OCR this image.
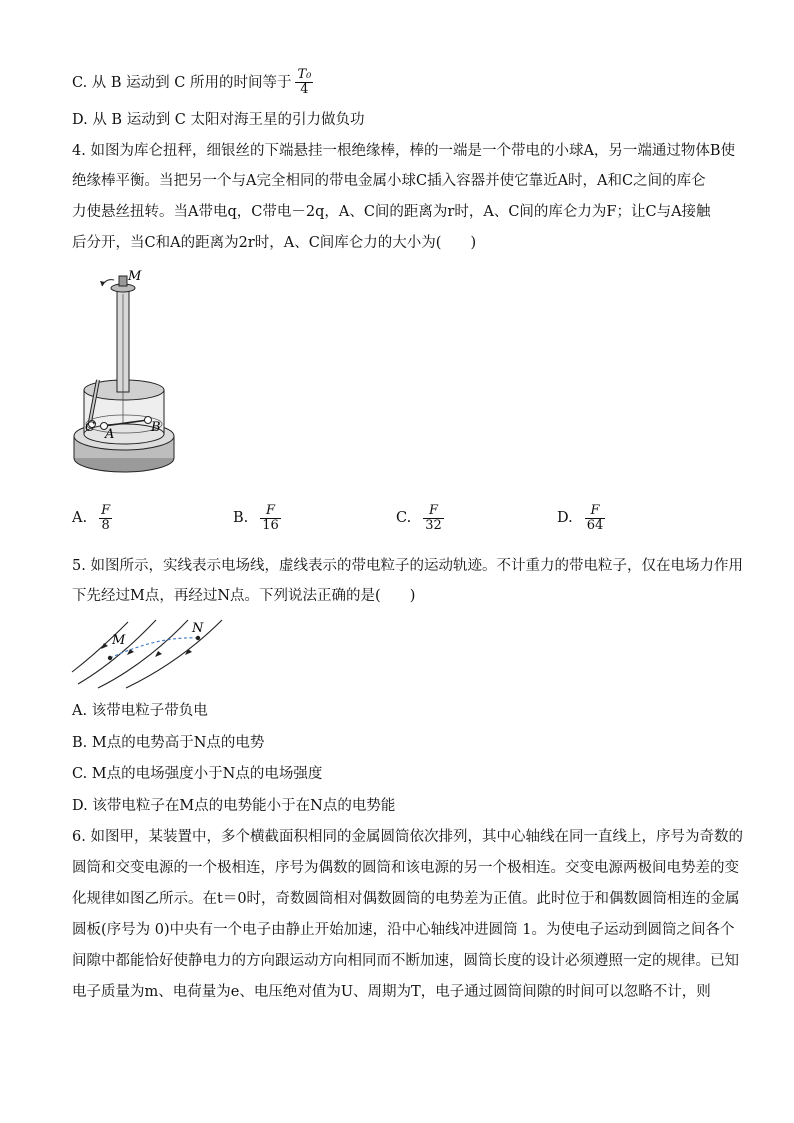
C. 从 B 运动到 C 所用的时间等于 $\frac{\text{T₀}}{4}$
D. 从 B 运动到 C 太阳对海王星的引力做负功
4. 如图为库仑扭秤，细银丝的下端悬挂一根绝缘棒，棒的一端是一个带电的小球A，另一端通过物体B使
绝缘棒平衡。当把另一个与A完全相同的带电金属小球C插入容器并使它靠近A时，A和C之间的库仑
力使悬丝扭转。当A带电q，C带电－2q，A、C间的距离为r时，A、C间的库仑力为F；让C与A接触
后分开，当C和A的距离为2r时，A、C间库仑力的大小为(　　)
M
C A	B
A. $\frac{F}{8}$	B. $\frac{F}{16}$	C. $\frac{F}{32}$	D. $\frac{F}{64}$
5. 如图所示，实线表示电场线，虚线表示的带电粒子的运动轨迹。不计重力的带电粒子，仅在电场力作用
下先经过M点，再经过N点。下列说法正确的是(　　)
M
N
A. 该带电粒子带负电
B. M点的电势高于N点的电势
C. M点的电场强度小于N点的电场强度
D. 该带电粒子在M点的电势能小于在N点的电势能
6. 如图甲，某装置中，多个横截面积相同的金属圆筒依次排列，其中心轴线在同一直线上，序号为奇数的
圆筒和交变电源的一个极相连，序号为偶数的圆筒和该电源的另一个极相连。交变电源两极间电势差的变
化规律如图乙所示。在t＝0时，奇数圆筒相对偶数圆筒的电势差为正值。此时位于和偶数圆筒相连的金属
圆板(序号为 0)中央有一个电子由静止开始加速，沿中心轴线冲进圆筒 1。为使电子运动到圆筒之间各个
间隙中都能恰好使静电力的方向跟运动方向相同而不断加速，圆筒长度的设计必须遵照一定的规律。已知
电子质量为m、电荷量为e、电压绝对值为U、周期为T，电子通过圆筒间隙的时间可以忽略不计，则
